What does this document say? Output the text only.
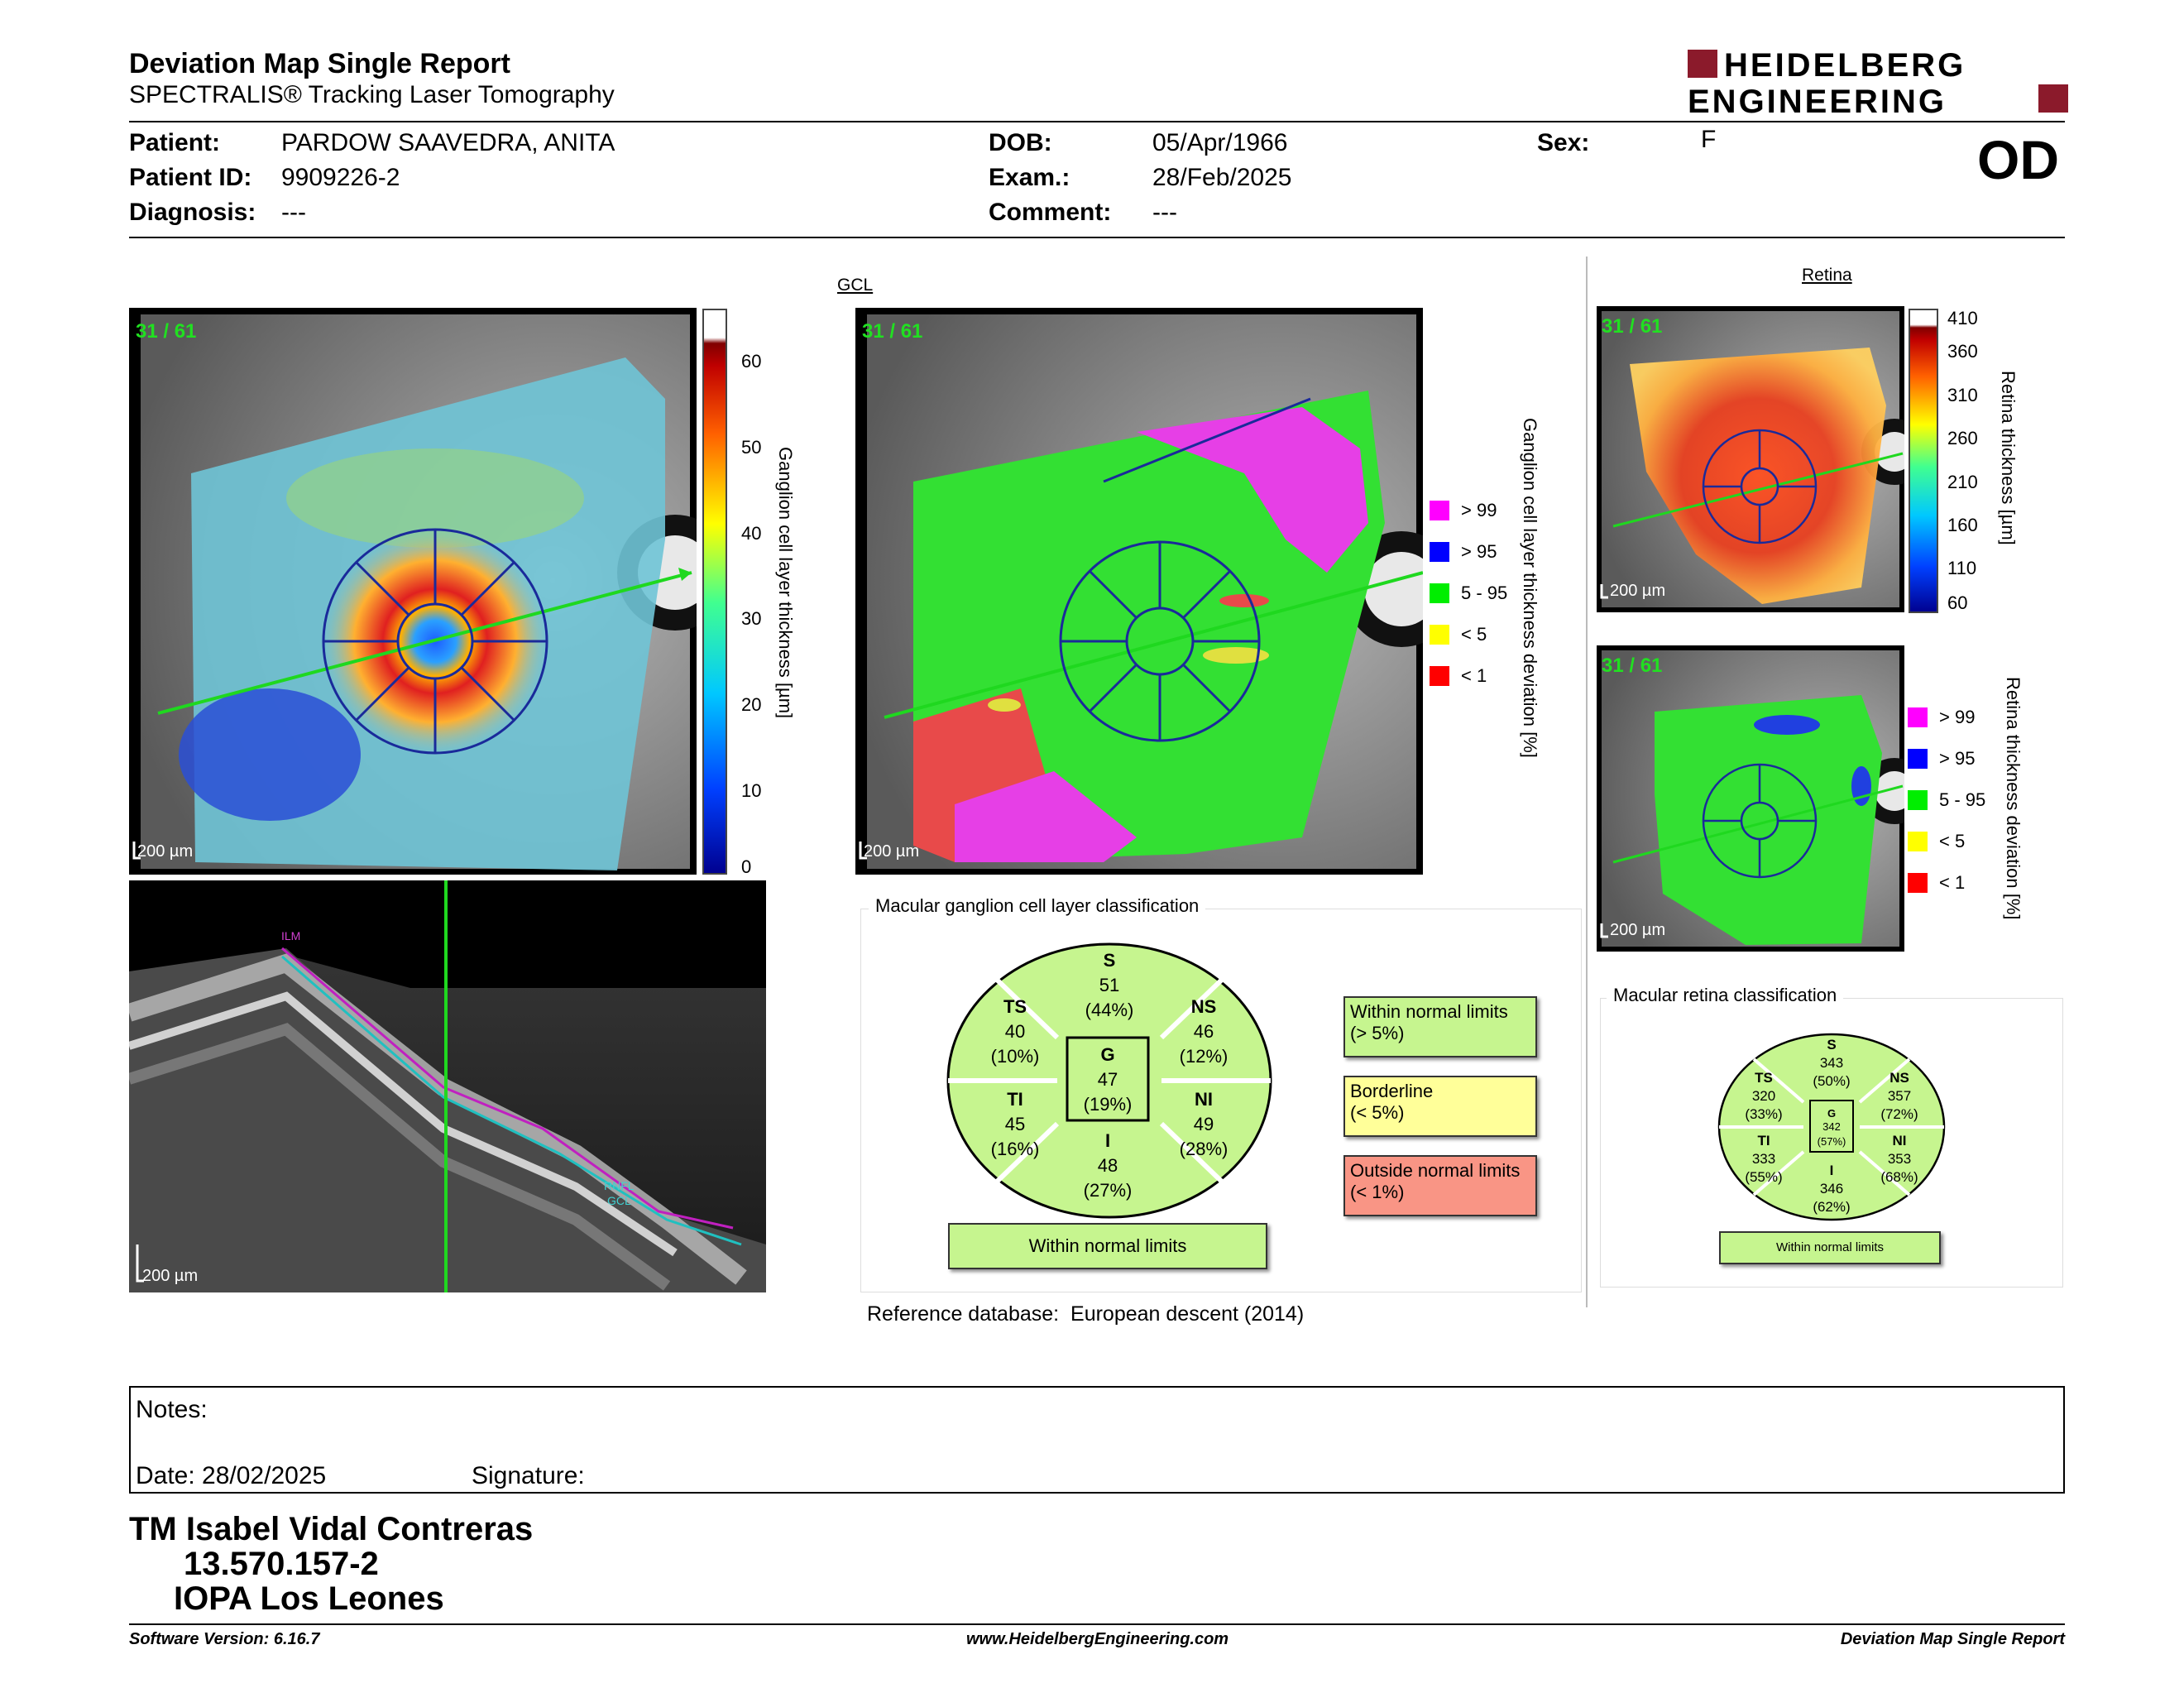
Deviation Map Single Report
SPECTRALIS® Tracking Laser Tomography
HEIDELBERG
ENGINEERING
Patient: PARDOW SAAVEDRA, ANITA
Patient ID: 9909226-2
Diagnosis: ---
DOB:	05/Apr/1966
Exam.:	28/Feb/2025
Comment: ---
Sex:	F	OD
31 / 61
200 µm
60
50
40
30
20
10
0
Ganglion cell layer thickness [µm]
ILM
RNFL
GCL
200 µm
GCL
31 / 61
200 µm
> 99
> 95
5 - 95
< 5
< 1 Ganglion cell layer thickness deviation [%]
Macular ganglion cell layer classification
S
51
(44%)
TS
40
(10%)
NS
46
(12%)
G
47
(19%)
TI
45
(16%)
NI
49
(28%)
I
48
(27%)
Within normal limits
Within normal limits
(> 5%)
Borderline
(< 5%)
Outside normal limits
(< 1%)
Reference database:  European descent (2014)
Retina
31 / 61
200 µm
410
360
310
260
210
160
110
60
Retina thickness [µm]
31 / 61
200 µm
> 99
> 95
5 - 95
< 5
< 1 Retina thickness deviation [%]
Macular retina classification
S
343
(50%)
TS
320
(33%)
NS
357
(72%)
G
342
(57%)
TI
333
(55%)
NI
353
(68%)
I
346
(62%)
Within normal limits
Notes:
Date: 28/02/2025	Signature:
TM Isabel Vidal Contreras
13.570.157-2
IOPA Los Leones
Software Version: 6.16.7	www.HeidelbergEngineering.com	Deviation Map Single Report
